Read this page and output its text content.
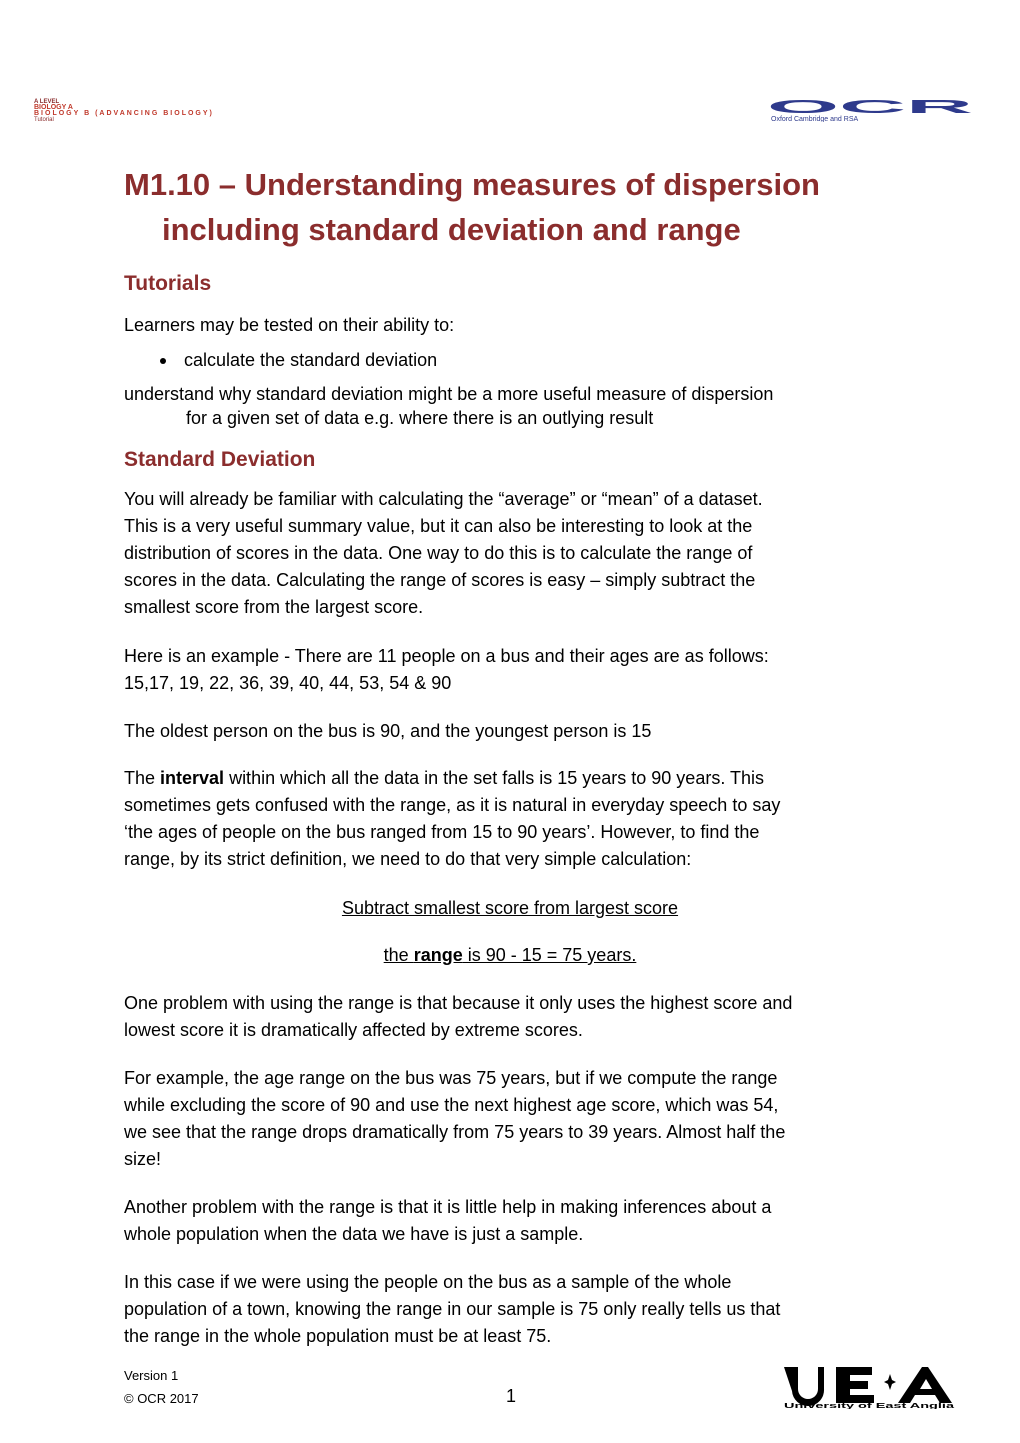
A LEVEL
BIOLOGY A
BIOLOGY B (ADVANCING BIOLOGY)
Tutorial
OCR
Oxford Cambridge and RSA
M1.10 – Understanding measures of dispersion
including standard deviation and range
Tutorials
Learners may be tested on their ability to:
calculate the standard deviation
understand why standard deviation might be a more useful measure of dispersion
for a given set of data e.g. where there is an outlying result
Standard Deviation
You will already be familiar with calculating the “average” or “mean” of a dataset.
This is a very useful summary value, but it can also be interesting to look at the
distribution of scores in the data. One way to do this is to calculate the range of
scores in the data. Calculating the range of scores is easy – simply subtract the
smallest score from the largest score.
Here is an example - There are 11 people on a bus and their ages are as follows:
15,17, 19, 22, 36, 39, 40, 44, 53, 54 & 90
The oldest person on the bus is 90, and the youngest person is 15
The interval within which all the data in the set falls is 15 years to 90 years. This
sometimes gets confused with the range, as it is natural in everyday speech to say
‘the ages of people on the bus ranged from 15 to 90 years’. However, to find the
range, by its strict definition, we need to do that very simple calculation:
Subtract smallest score from largest score
the range is 90 - 15 = 75 years.
One problem with using the range is that because it only uses the highest score and
lowest score it is dramatically affected by extreme scores.
For example, the age range on the bus was 75 years, but if we compute the range
while excluding the score of 90 and use the next highest age score, which was 54,
we see that the range drops dramatically from 75 years to 39 years. Almost half the
size!
Another problem with the range is that it is little help in making inferences about a
whole population when the data we have is just a sample.
In this case if we were using the people on the bus as a sample of the whole
population of a town, knowing the range in our sample is 75 only really tells us that
the range in the whole population must be at least 75.
Version 1
© OCR 2017	1	University of East Anglia
